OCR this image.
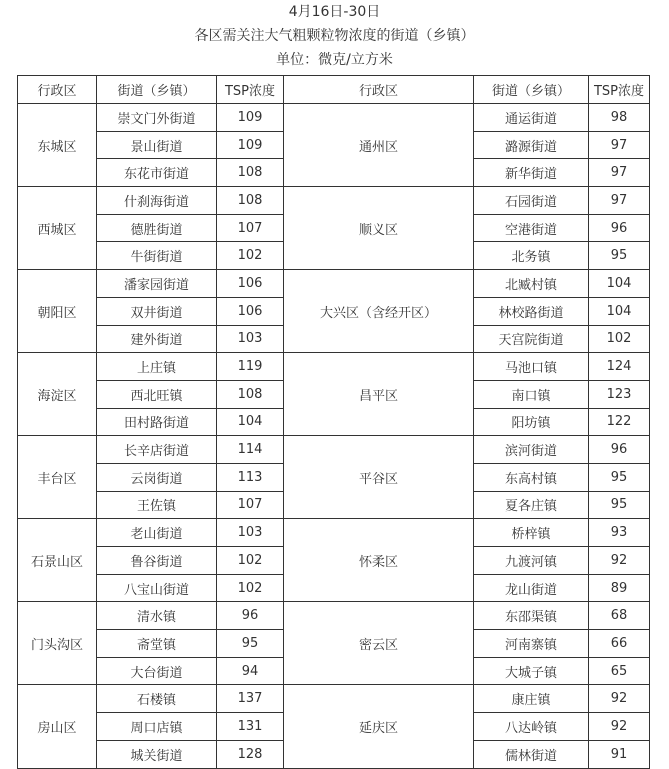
4月16日-30日
各区需关注大气粗颗粒物浓度的街道（乡镇）
单位：微克/立方米
行政区	街道（乡镇）	TSP浓度	行政区	街道（乡镇）	TSP浓度
东城区	崇文门外街道	109	通州区	通运街道	98
	景山街道	109		潞源街道	97
	东花市街道	108		新华街道	97
西城区	什刹海街道	108	顺义区	石园街道	97
	德胜街道	107		空港街道	96
	牛街街道	102		北务镇	95
朝阳区	潘家园街道	106	大兴区（含经开区）	北臧村镇	104
	双井街道	106		林校路街道	104
	建外街道	103		天宫院街道	102
海淀区	上庄镇	119	昌平区	马池口镇	124
	西北旺镇	108		南口镇	123
	田村路街道	104		阳坊镇	122
丰台区	长辛店街道	114	平谷区	滨河街道	96
	云岗街道	113		东高村镇	95
	王佐镇	107		夏各庄镇	95
石景山区	老山街道	103	怀柔区	桥梓镇	93
	鲁谷街道	102		九渡河镇	92
	八宝山街道	102		龙山街道	89
门头沟区	清水镇	96	密云区	东邵渠镇	68
	斋堂镇	95		河南寨镇	66
	大台街道	94		大城子镇	65
房山区	石楼镇	137	延庆区	康庄镇	92
	周口店镇	131		八达岭镇	92
	城关街道	128		儒林街道	91
